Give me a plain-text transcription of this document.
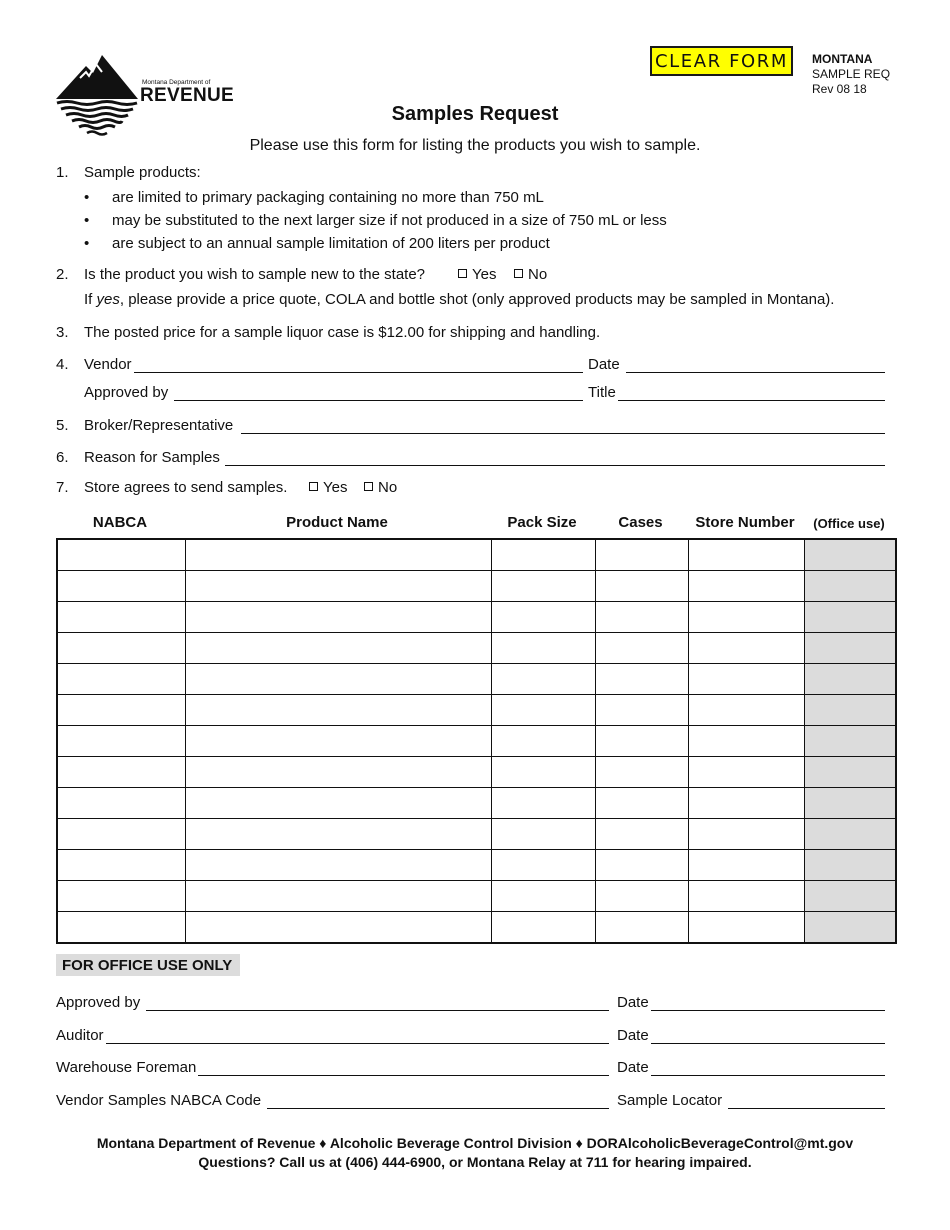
Montana Department of
REVENUE
CLEAR FORM	MONTANA
SAMPLE REQ
Rev 08 18
Samples Request
Please use this form for listing the products you wish to sample.
1. Sample products:
• are limited to primary packaging containing no more than 750 mL
• may be substituted to the next larger size if not produced in a size of 750 mL or less
• are subject to an annual sample limitation of 200 liters per product
2. Is the product you wish to sample new to the state?	Yes	No
If yes, please provide a price quote, COLA and bottle shot (only approved products may be sampled in Montana).
3. The posted price for a sample liquor case is $12.00 for shipping and handling.
4. Vendor	Date
Approved by	Title
5. Broker/Representative
6. Reason for Samples
7. Store agrees to send samples.	Yes	No
NABCA	Product Name	Pack Size	Cases	Store Number	(Office use)

FOR OFFICE USE ONLY
Approved by	Date
Auditor	Date
Warehouse Foreman	Date
Vendor Samples NABCA Code	Sample Locator
Montana Department of Revenue ♦ Alcoholic Beverage Control Division ♦ DORAlcoholicBeverageControl@mt.gov
Questions? Call us at (406) 444-6900, or Montana Relay at 711 for hearing impaired.
